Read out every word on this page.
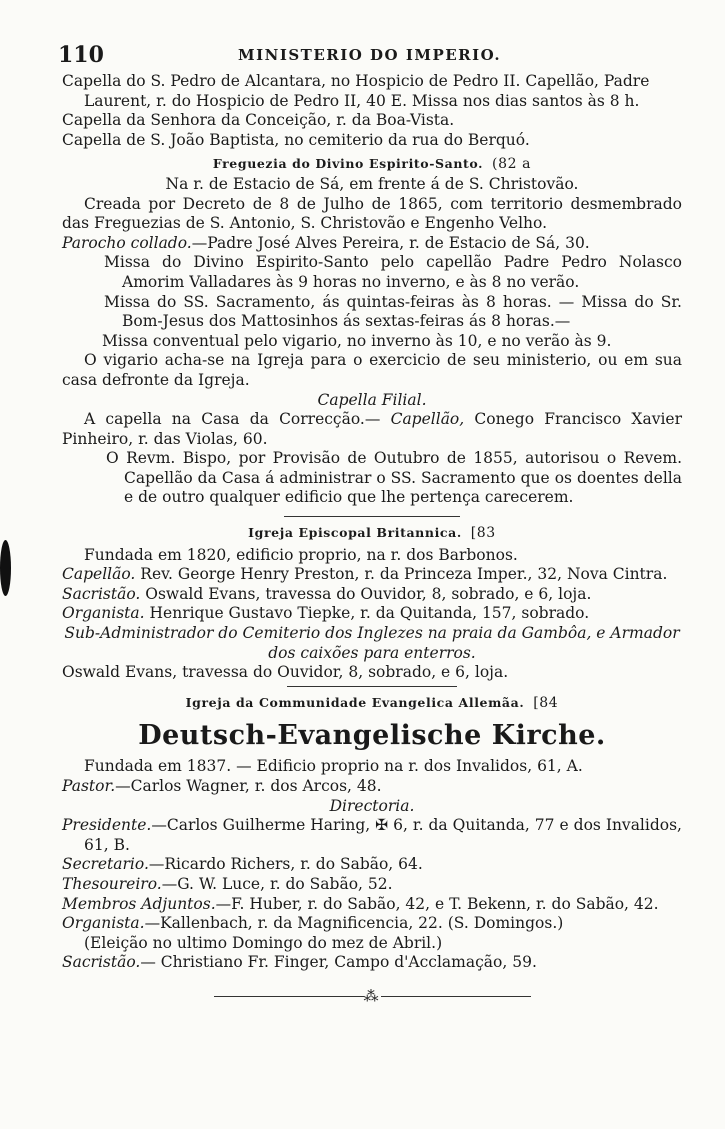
110	MINISTERIO DO IMPERIO.

Capella do S. Pedro de Alcantara, no Hospicio de Pedro II. Capellão, Padre Laurent, r. do Hospicio de Pedro II, 40 E. Missa nos dias santos às 8 h.

Capella da Senhora da Conceição, r. da Boa-Vista.

Capella de S. João Baptista, no cemiterio da rua do Berquó.

Freguezia do Divino Espirito-Santo. (82 a

Na r. de Estacio de Sá, em frente á de S. Christovão.

Creada por Decreto de 8 de Julho de 1865, com territorio desmembrado das Freguezias de S. Antonio, S. Christovão e Engenho Velho.

Parocho collado.—Padre José Alves Pereira, r. de Estacio de Sá, 30.

Missa do Divino Espirito-Santo pelo capellão Padre Pedro Nolasco Amorim Valladares às 9 horas no inverno, e às 8 no verão.

Missa do SS. Sacramento, ás quintas-feiras às 8 horas. — Missa do Sr. Bom-Jesus dos Mattosinhos ás sextas-feiras ás 8 horas.—

Missa conventual pelo vigario, no inverno às 10, e no verão às 9.

O vigario acha-se na Igreja para o exercicio de seu ministerio, ou em sua casa defronte da Igreja.

Capella Filial.

A capella na Casa da Correcção.— Capellão, Conego Francisco Xavier Pinheiro, r. das Violas, 60.

O Revm. Bispo, por Provisão de Outubro de 1855, autorisou o Revem. Capellão da Casa á administrar o SS. Sacramento que os doentes della e de outro qualquer edificio que lhe pertença carecerem.

Igreja Episcopal Britannica. [83

Fundada em 1820, edificio proprio, na r. dos Barbonos.

Capellão. Rev. George Henry Preston, r. da Princeza Imper., 32, Nova Cintra.

Sacristão. Oswald Evans, travessa do Ouvidor, 8, sobrado, e 6, loja.

Organista. Henrique Gustavo Tiepke, r. da Quitanda, 157, sobrado.

Sub-Administrador do Cemiterio dos Inglezes na praia da Gambôa, e Armador dos caixões para enterros.

Oswald Evans, travessa do Ouvidor, 8, sobrado, e 6, loja.

Igreja da Communidade Evangelica Allemãa. [84
Deutsch-Evangelische Kirche.

Fundada em 1837. — Edificio proprio na r. dos Invalidos, 61, A.

Pastor.—Carlos Wagner, r. dos Arcos, 48.

Directoria.

Presidente.—Carlos Guilherme Haring, ✠ 6, r. da Quitanda, 77 e dos Invalidos, 61, B.

Secretario.—Ricardo Richers, r. do Sabão, 64.

Thesoureiro.—G. W. Luce, r. do Sabão, 52.

Membros Adjuntos.—F. Huber, r. do Sabão, 42, e T. Bekenn, r. do Sabão, 42.

Organista.—Kallenbach, r. da Magnificencia, 22. (S. Domingos.)

(Eleição no ultimo Domingo do mez de Abril.)

Sacristão.— Christiano Fr. Finger, Campo d'Acclamação, 59.

⁂
